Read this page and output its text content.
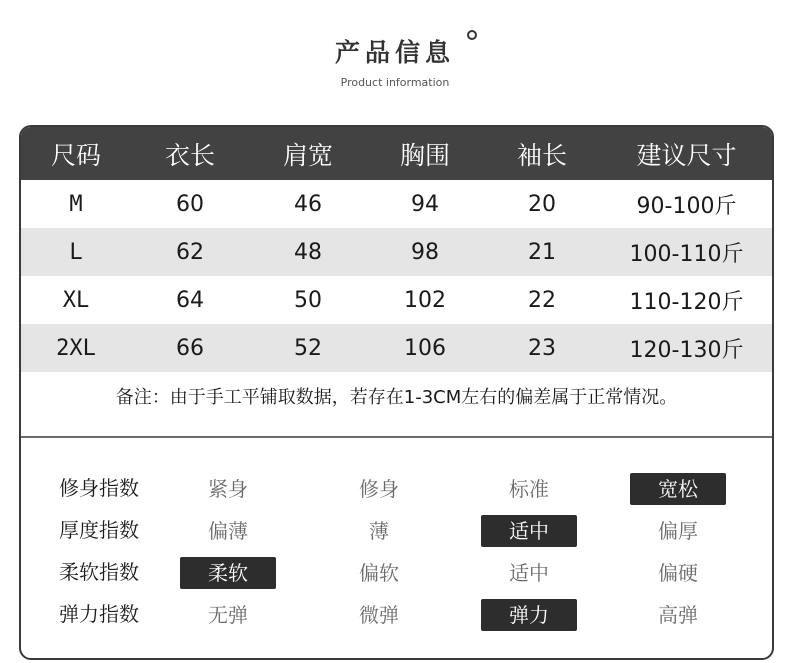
产品信息
Product information
尺码	衣长	肩宽	胸围	袖长	建议尺寸
M	60	46	94	20	90-100斤
L	62	48	98	21	100-110斤
XL	64	50	102	22	110-120斤
2XL	66	52	106	23	120-130斤
备注：由于手工平铺取数据，若存在1-3CM左右的偏差属于正常情况。
修身指数	紧身	修身	标准	宽松
厚度指数	偏薄	薄	适中	偏厚
柔软指数	柔软	偏软	适中	偏硬
弹力指数	无弹	微弹	弹力	高弹
